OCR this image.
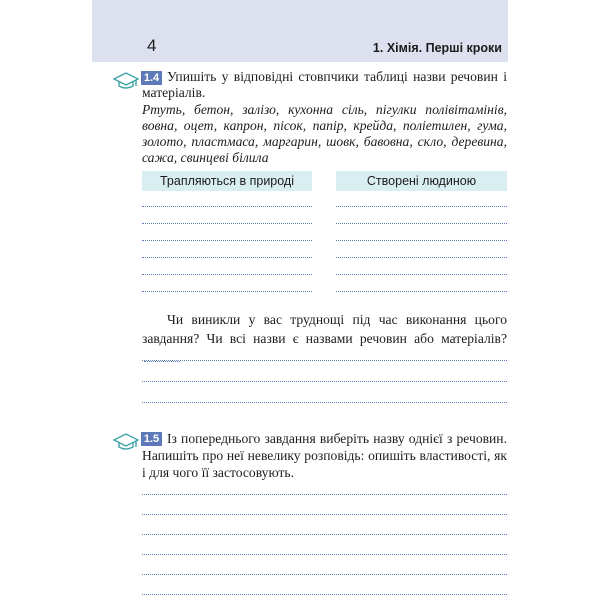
4	1. Хімія. Перші кроки
1.4 Упишіть у відповідні стовпчики таблиці назви речовин і матеріалів.
Ртуть, бетон, залізо, кухонна сіль, пігулки полівітамінів, вовна, оцет, капрон, пісок, папір, крейда, поліетилен, гума, золото, пластмаса, маргарин, шовк, бавовна, скло, деревина, сажа, свинцеві білила
Трапляються в природі	Створені людиною
Чи виникли у вас труднощі під час виконання цього завдання? Чи всі назви є назвами речовин або матеріалів?
1.5 Із попереднього завдання виберіть назву однієї з речовин. Напишіть про неї невелику розповідь: опишіть властивості, як і для чого її застосовують.
